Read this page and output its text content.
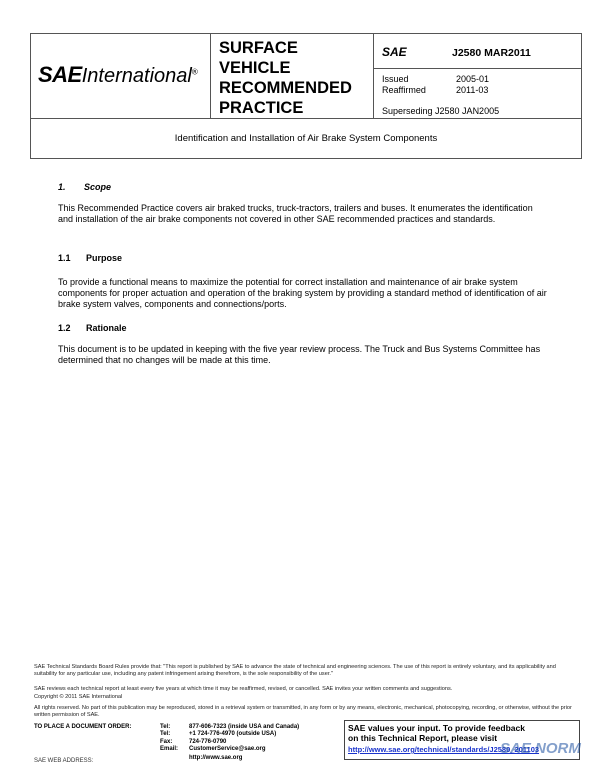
SAEInternational®
SURFACE
VEHICLE
RECOMMENDED
PRACTICE
SAE	J2580 MAR2011
Issued	2005-01
Reaffirmed	2011-03
Superseding J2580 JAN2005
Identification and Installation of Air Brake System Components
1. Scope
This Recommended Practice covers air braked trucks, truck-tractors, trailers and buses. It enumerates the identification and installation of the air brake components not covered in other SAE recommended practices and standards.
1.1 Purpose
To provide a functional means to maximize the potential for correct installation and maintenance of air brake system components for proper actuation and operation of the braking system by providing a standard method of identification of air brake system valves, components and connections/ports.
1.2 Rationale
This document is to be updated in keeping with the five year review process. The Truck and Bus Systems Committee has determined that no changes will be made at this time.
SAE Technical Standards Board Rules provide that: "This report is published by SAE to advance the state of technical and engineering sciences. The use of this report is entirely voluntary, and its applicability and suitability for any particular use, including any patent infringement arising therefrom, is the sole responsibility of the user."
SAE reviews each technical report at least every five years at which time it may be reaffirmed, revised, or cancelled. SAE invites your written comments and suggestions.
Copyright © 2011 SAE International
All rights reserved. No part of this publication may be reproduced, stored in a retrieval system or transmitted, in any form or by any means, electronic, mechanical, photocopying, recording, or otherwise, without the prior written permission of SAE.
TO PLACE A DOCUMENT ORDER:	Tel:	877-606-7323 (inside USA and Canada)
Tel:	+1 724-776-4970 (outside USA)
Fax:	724-776-0790
Email: CustomerService@sae.org
http://www.sae.org
SAE WEB ADDRESS:
SAE values your input. To provide feedback
on this Technical Report, please visit
http://www.sae.org/technical/standards/J2580_201103
SAE NORM
